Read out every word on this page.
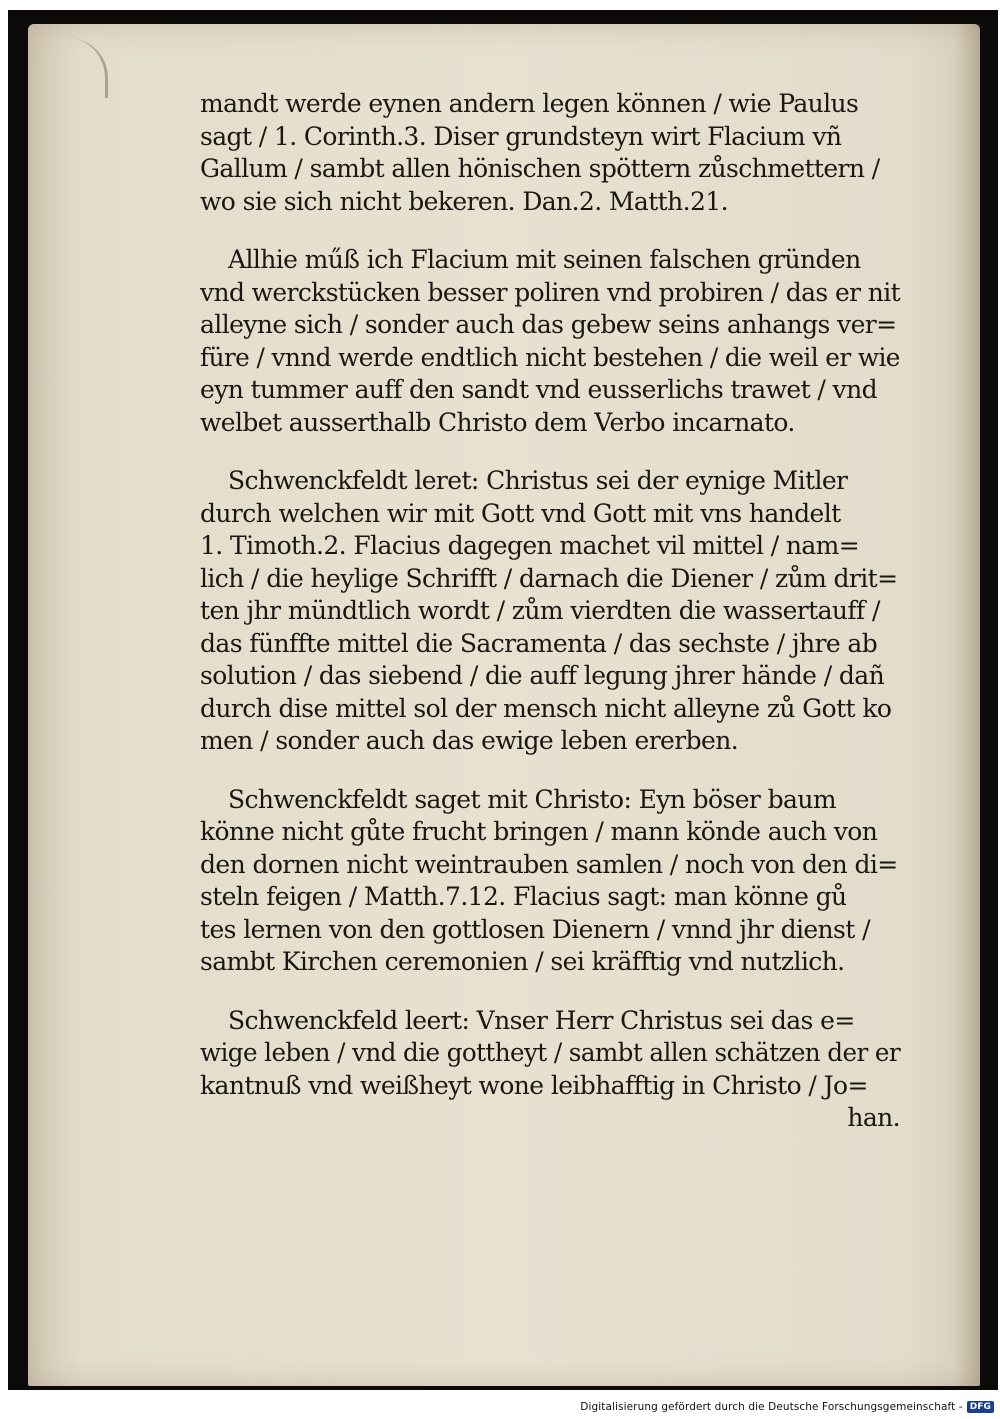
mandt werde eynen andern legen können / wie Paulus
sagt / 1. Corinth.3. Diser grundsteyn wirt Flacium vñ
Gallum / sambt allen hönischen spöttern zůschmettern /
wo sie sich nicht bekeren. Dan.2. Matth.21.
Allhie műß ich Flacium mit seinen falschen gründen
vnd werckstücken besser poliren vnd probiren / das er nit
alleyne sich / sonder auch das gebew seins anhangs ver=
füre / vnnd werde endtlich nicht bestehen / die weil er wie
eyn tummer auff den sandt vnd eusserlichs trawet / vnd
welbet ausserthalb Christo dem Verbo incarnato.
Schwenckfeldt leret: Christus sei der eynige Mitler
durch welchen wir mit Gott vnd Gott mit vns handelt
1. Timoth.2. Flacius dagegen machet vil mittel / nam=
lich / die heylige Schrifft / darnach die Diener / zům drit=
ten jhr mündtlich wordt / zům vierdten die wassertauff /
das fünffte mittel die Sacramenta / das sechste / jhre ab
solution / das siebend / die auff legung jhrer hände / dañ
durch dise mittel sol der mensch nicht alleyne zů Gott ko
men / sonder auch das ewige leben ererben.
Schwenckfeldt saget mit Christo: Eyn böser baum
könne nicht gůte frucht bringen / mann könde auch von
den dornen nicht weintrauben samlen / noch von den di=
steln feigen / Matth.7.12. Flacius sagt: man könne gů
tes lernen von den gottlosen Dienern / vnnd jhr dienst /
sambt Kirchen ceremonien / sei kräfftig vnd nutzlich.
Schwenckfeld leert: Vnser Herr Christus sei das e=
wige leben / vnd die gottheyt / sambt allen schätzen der er
kantnuß vnd weißheyt wone leibhafftig in Christo / Jo=
han.
Digitalisierung gefördert durch die Deutsche Forschungsgemeinschaft - DFG
